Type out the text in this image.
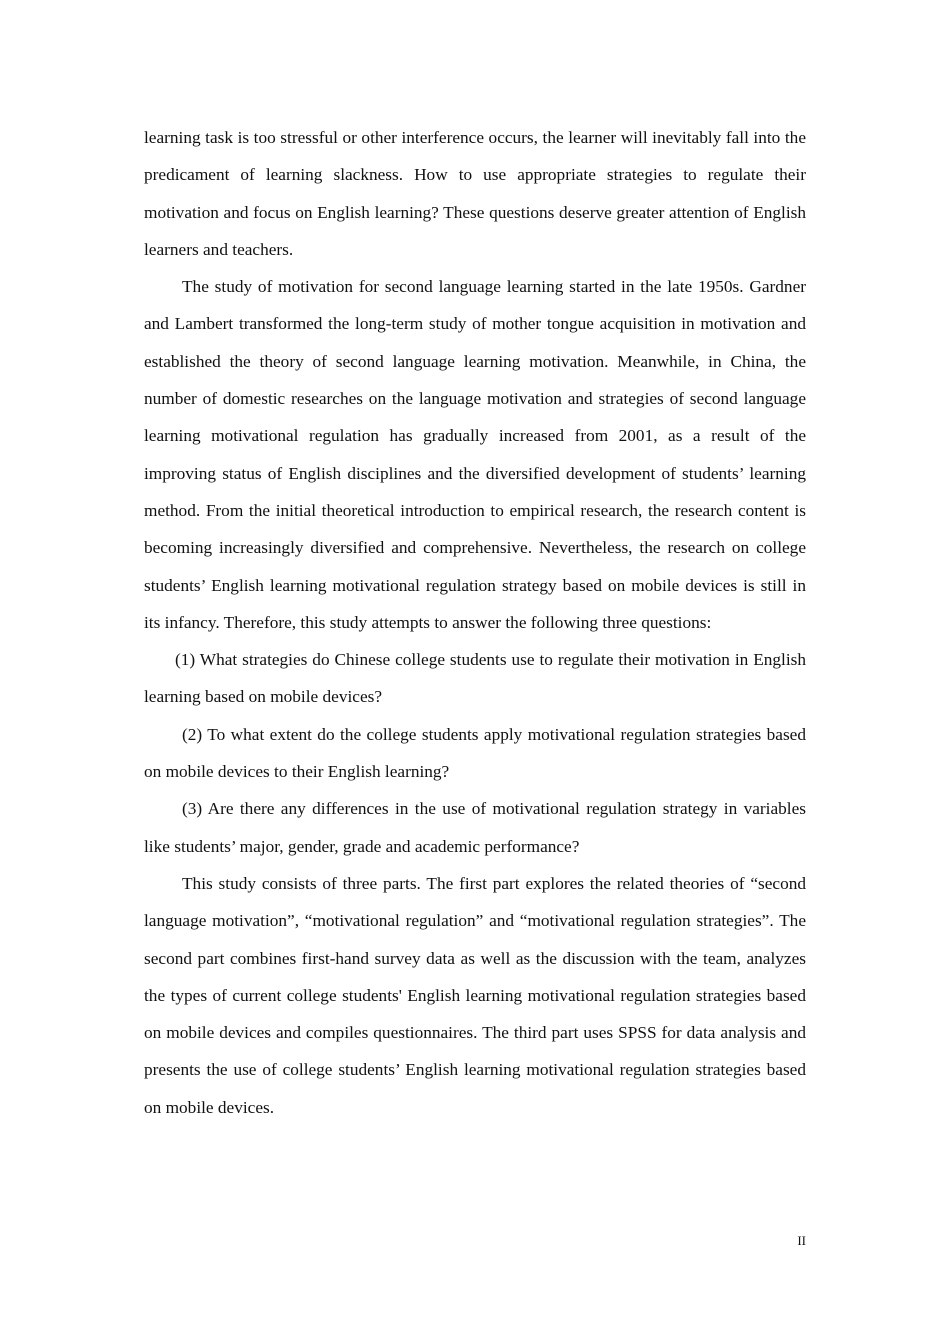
learning task is too stressful or other interference occurs, the learner will inevitably fall into the predicament of learning slackness. How to use appropriate strategies to regulate their motivation and focus on English learning? These questions deserve greater attention of English learners and teachers.

The study of motivation for second language learning started in the late 1950s. Gardner and Lambert transformed the long-term study of mother tongue acquisition in motivation and established the theory of second language learning motivation. Meanwhile, in China, the number of domestic researches on the language motivation and strategies of second language learning motivational regulation has gradually increased from 2001, as a result of the improving status of English disciplines and the diversified development of students’ learning method. From the initial theoretical introduction to empirical research, the research content is becoming increasingly diversified and comprehensive. Nevertheless, the research on college students’ English learning motivational regulation strategy based on mobile devices is still in its infancy. Therefore, this study attempts to answer the following three questions:

(1) What strategies do Chinese college students use to regulate their motivation in English learning based on mobile devices?

(2) To what extent do the college students apply motivational regulation strategies based on mobile devices to their English learning?

(3) Are there any differences in the use of motivational regulation strategy in variables like students’ major, gender, grade and academic performance?

This study consists of three parts. The first part explores the related theories of “second language motivation”, “motivational regulation” and “motivational regulation strategies”. The second part combines first-hand survey data as well as the discussion with the team, analyzes the types of current college students' English learning motivational regulation strategies based on mobile devices and compiles questionnaires. The third part uses SPSS for data analysis and presents the use of college students’ English learning motivational regulation strategies based on mobile devices.

II
